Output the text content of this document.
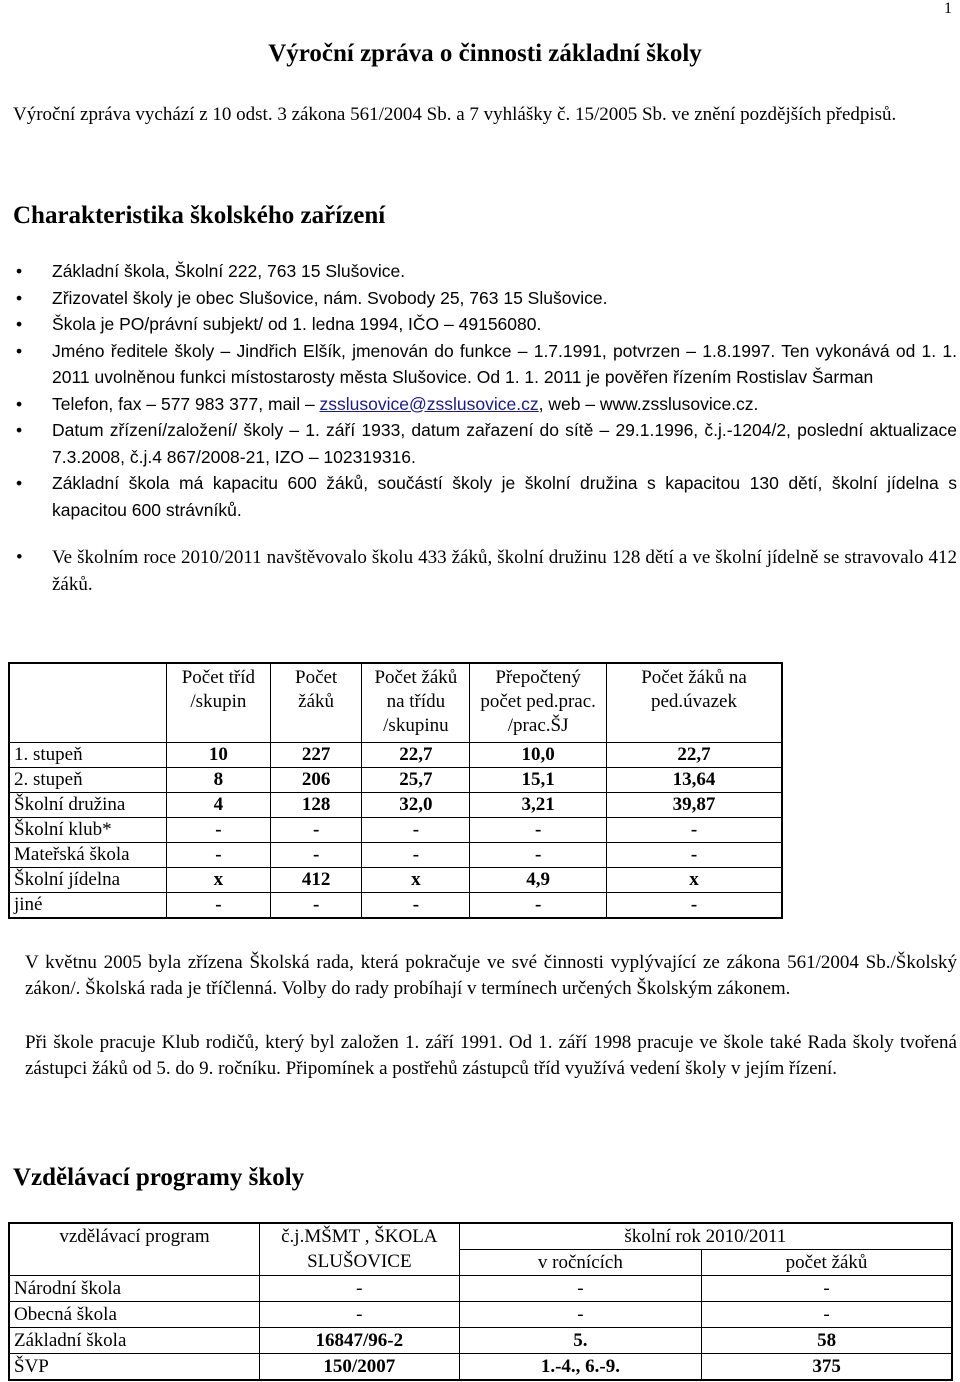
1
Výroční zpráva o činnosti základní školy
Výroční zpráva vychází z 10 odst. 3 zákona 561/2004 Sb. a 7 vyhlášky č. 15/2005 Sb. ve znění pozdějších předpisů.
Charakteristika školského zařízení
• Základní škola, Školní 222, 763 15 Slušovice.
• Zřizovatel školy je obec Slušovice, nám. Svobody 25, 763 15 Slušovice.
• Škola je PO/právní subjekt/ od 1. ledna 1994, IČO – 49156080.
• Jméno ředitele školy – Jindřich Elšík, jmenován do funkce – 1.7.1991, potvrzen – 1.8.1997. Ten vykonává od 1. 1. 2011 uvolněnou funkci místostarosty města Slušovice. Od 1. 1. 2011 je pověřen řízením Rostislav Šarman
• Telefon, fax – 577 983 377, mail – zsslusovice@zsslusovice.cz, web – www.zsslusovice.cz.
• Datum zřízení/založení/ školy – 1. září 1933, datum zařazení do sítě – 29.1.1996, č.j.-1204/2, poslední aktualizace 7.3.2008, č.j.4 867/2008-21, IZO – 102319316.
• Základní škola má kapacitu 600 žáků, součástí školy je školní družina s kapacitou 130 dětí, školní jídelna s kapacitou 600 strávníků.
• Ve školním roce 2010/2011 navštěvovalo školu 433 žáků, školní družinu 128 dětí a ve školní jídelně se stravovalo 412 žáků.
	Počet tříd /skupin	Počet žáků	Počet žáků na třídu /skupinu	Přepočtený počet ped.prac. /prac.ŠJ	Počet žáků na ped.úvazek
1. stupeň	10	227	22,7	10,0	22,7
2. stupeň	8	206	25,7	15,1	13,64
Školní družina	4	128	32,0	3,21	39,87
Školní klub*	-	-	-	-	-
Mateřská škola	-	-	-	-	-
Školní jídelna	x	412	x	4,9	x
jiné	-	-	-	-	-
V květnu 2005 byla zřízena Školská rada, která pokračuje ve své činnosti vyplývající ze zákona 561/2004 Sb./Školský zákon/. Školská rada je tříčlenná. Volby do rady probíhají v termínech určených Školským zákonem.
Při škole pracuje Klub rodičů, který byl založen 1. září 1991. Od 1. září 1998 pracuje ve škole také Rada školy tvořená zástupci žáků od 5. do 9. ročníku. Připomínek a postřehů zástupců tříd využívá vedení školy v jejím řízení.
Vzdělávací programy školy
vzdělávací program	č.j.MŠMT , ŠKOLA SLUŠOVICE	školní rok 2010/2011	
		v ročnících	počet žáků
Národní škola	-	-	-
Obecná škola	-	-	-
Základní škola	16847/96-2	5.	58
ŠVP	150/2007	1.-4., 6.-9.	375
